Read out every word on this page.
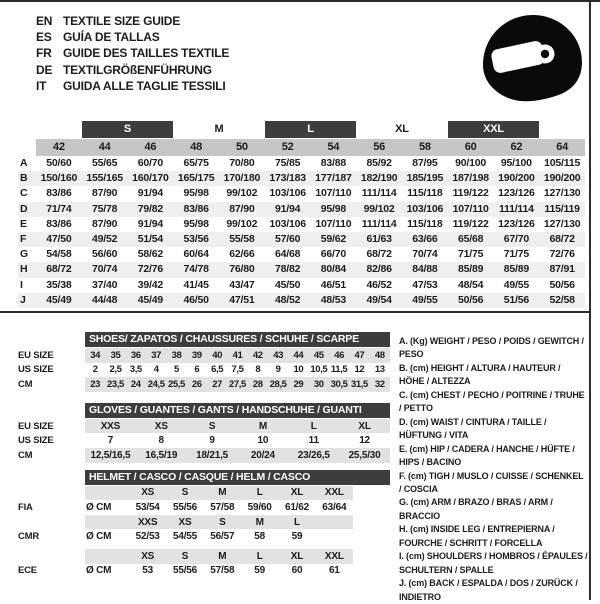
EN TEXTILE SIZE GUIDE
ES GUÍA DE TALLAS
FR GUIDE DES TAILLES TEXTILE
DE TEXTILGRÖßENFÜHRUNG
IT	GUIDA ALLE TAGLIE TESSILI
S	M	L	XL	XXL
42	44	46	48	50	52	54	56	58	60	62	64
A	50/60	55/65	60/70	65/75	70/80	75/85	83/88	85/92	87/95	90/100	95/100	105/115
B	150/160 155/165 160/170 165/175 170/180 173/183 177/187 182/190 185/195 187/198 190/200 190/200
C	83/86	87/90	91/94	95/98	99/102	103/106 107/110 111/114	115/118 119/122 123/126 127/130
D	71/74	75/78	79/82	83/86	87/90	91/94	95/98	99/102	103/106 107/110 111/114	115/119
E	83/86	87/90	91/94	95/98	99/102	103/106 107/110 111/114	115/118 119/122 123/126 127/130
F	47/50	49/52	51/54	53/56	55/58	57/60	59/62	61/63	63/66	65/68	67/70	68/72
G	54/58	56/60	58/62	60/64	62/66	64/68	66/70	68/72	70/74	71/75	71/75	72/76
H	68/72	70/74	72/76	74/78	76/80	78/82	80/84	82/86	84/88	85/89	85/89	87/91
I	35/38	37/40	39/42	41/45	43/47	45/50	46/51	46/52	47/53	48/54	49/55	50/56
J	45/49	44/48	45/49	46/50	47/51	48/52	48/53	49/54	49/55	50/56	51/56	52/58
SHOES/ ZAPATOS / CHAUSSURES / SCHUHE / SCARPE
EU SIZE	34	35	36	37	38	39	40	41	42	43	44	45	46	47	48
US SIZE	2	2,5 3,5	4	5	6	6,5 7,5	8	9	10 10,5 11,5 12	13
CM	23 23,5 24 24,5 25,5 26	27 27,5 28 28,5 29	30 30,5 31,5 32
GLOVES / GUANTES / GANTS / HANDSCHUHE / GUANTI
EU SIZE	XXS	XS	S	M	L	XL
US SIZE	7	8	9	10	11	12
CM	12,5/16,5	16,5/19	18/21,5	20/24	23/26,5	25,5/30
HELMET / CASCO / CASQUE / HELM / CASCO
XS	S	M	L	XL	XXL
FIA	Ø CM	53/54	55/56	57/58	59/60	61/62	63/64
XXS	XS	S	M	L
CMR	Ø CM	52/53	54/55	56/57	58	59
XS	S	M	L	XL	XXL
ECE	Ø CM	53	55/56	57/58	59	60	61
A. (Kg) WEIGHT / PESO / POIDS / GEWITCH / PESO
B. (cm) HEIGHT / ALTURA / HAUTEUR / HÖHE / ALTEZZA
C. (cm) CHEST / PECHO / POITRINE / TRUHE / PETTO
D. (cm) WAIST / CINTURA / TAILLE / HÜFTUNG / VITA
E. (cm) HIP / CADERA / HANCHE / HÜFTE / HIPS / BACINO
F. (cm) TIGH / MUSLO / CUISSE / SCHENKEL / COSCIA
G. (cm) ARM / BRAZO / BRAS / ARM / BRACCIO
H. (cm) INSIDE LEG / ENTREPIERNA / FOURCHE / SCHRITT / FORCELLA
I. (cm) SHOULDERS / HOMBROS / ÉPAULES / SCHULTERN / SPALLE
J. (cm) BACK / ESPALDA / DOS / ZURÜCK / INDIETRO
